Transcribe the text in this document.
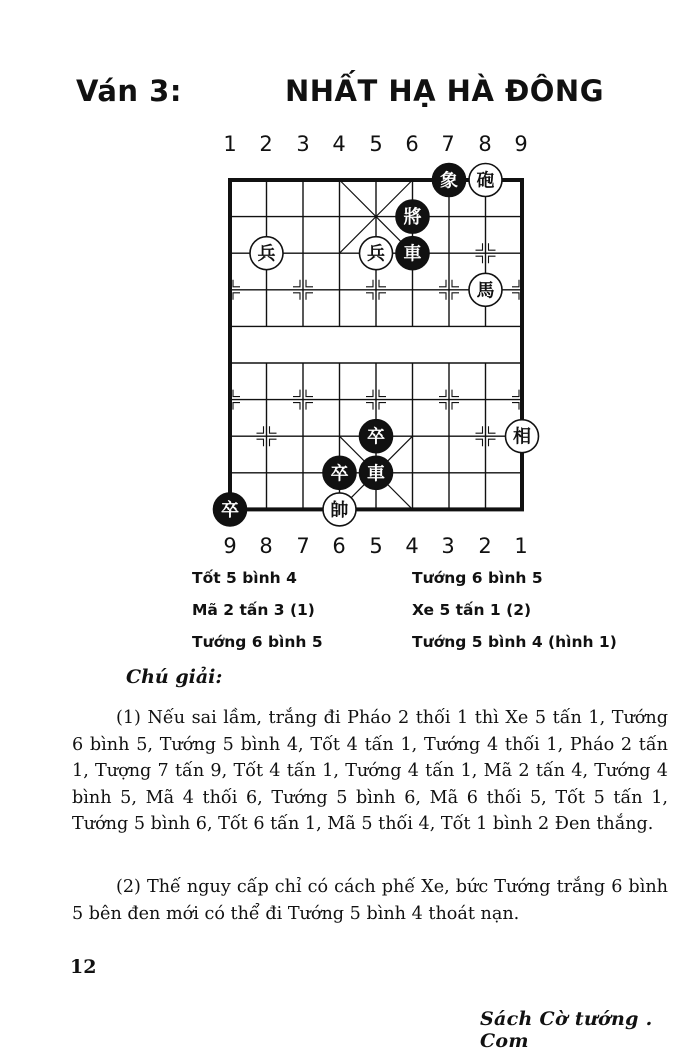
Ván 3:	NHẤT HẠ HÀ ĐÔNG
1	2	3	4	5	6	7	8	9
9	8	7	6	5	4	3	2	1
象 砲
將
兵	兵 車
馬
相
卒
車
卒
卒	帥
Tốt 5 bình 4	Tướng 6 bình 5
Mã 2 tấn 3 (1)	Xe 5 tấn 1 (2)
Tướng 6 bình 5	Tướng 5 bình 4 (hình 1)
Chú giải:
(1) Nếu sai lầm, trắng đi Pháo 2 thối 1 thì Xe 5 tấn 1, Tướng 6 bình 5, Tướng 5 bình 4, Tốt 4 tấn 1, Tướng 4 thối 1, Pháo 2 tấn 1, Tượng 7 tấn 9, Tốt 4 tấn 1, Tướng 4 tấn 1, Mã 2 tấn 4, Tướng 4 bình 5, Mã 4 thối 6, Tướng 5 bình 6, Mã 6 thối 5, Tốt 5 tấn 1, Tướng 5 bình 6, Tốt 6 tấn 1, Mã 5 thối 4, Tốt 1 bình 2 Đen thắng.
(2) Thế nguy cấp chỉ có cách phế Xe, bức Tướng trắng 6 bình 5 bên đen mới có thể đi Tướng 5 bình 4 thoát nạn.
12
Sách Cờ tướng . Com
